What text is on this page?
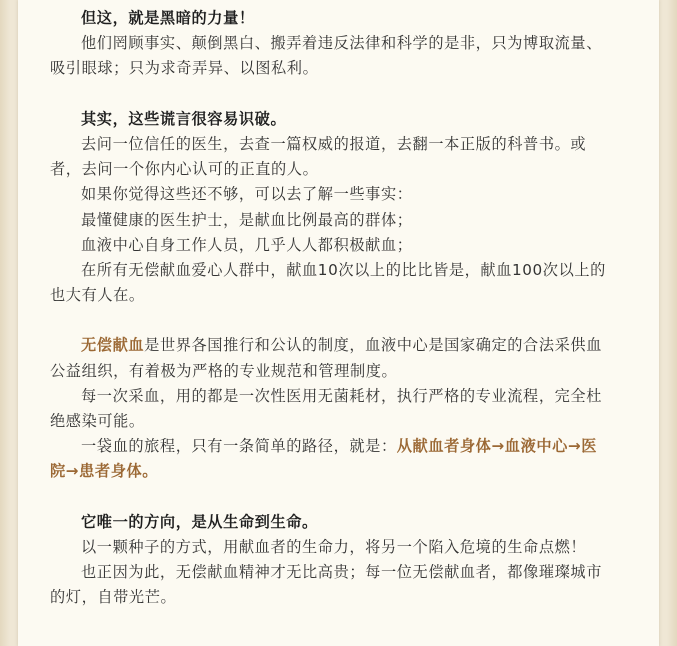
但这，就是黑暗的力量！
他们罔顾事实、颠倒黑白、搬弄着违反法律和科学的是非，只为博取流量、
吸引眼球；只为求奇弄异、以图私利。
其实，这些谎言很容易识破。
去问一位信任的医生，去查一篇权威的报道，去翻一本正版的科普书。或
者，去问一个你内心认可的正直的人。
如果你觉得这些还不够，可以去了解一些事实：
最懂健康的医生护士，是献血比例最高的群体；
血液中心自身工作人员，几乎人人都积极献血；
在所有无偿献血爱心人群中，献血10次以上的比比皆是，献血100次以上的
也大有人在。
无偿献血是世界各国推行和公认的制度，血液中心是国家确定的合法采供血
公益组织，有着极为严格的专业规范和管理制度。
每一次采血，用的都是一次性医用无菌耗材，执行严格的专业流程，完全杜
绝感染可能。
一袋血的旅程，只有一条简单的路径，就是：从献血者身体→血液中心→医
院→患者身体。
它唯一的方向，是从生命到生命。
以一颗种子的方式，用献血者的生命力，将另一个陷入危境的生命点燃！
也正因为此，无偿献血精神才无比高贵；每一位无偿献血者，都像璀璨城市
的灯，自带光芒。
